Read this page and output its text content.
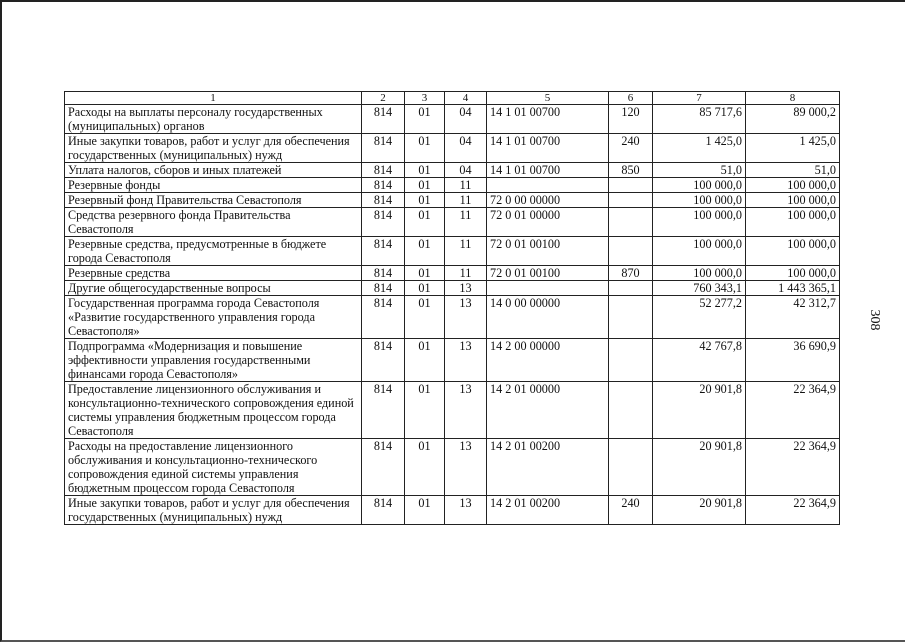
308
1	2	3	4	5	6	7	8
Расходы на выплаты персоналу государственных (муниципальных) органов	814	01	04	14 1 01 00700	120	85 717,6	89 000,2
Иные закупки товаров, работ и услуг для обеспечения государственных (муниципальных) нужд	814	01	04	14 1 01 00700	240	1 425,0	1 425,0
Уплата налогов, сборов и иных платежей	814	01	04	14 1 01 00700	850	51,0	51,0
Резервные фонды	814	01	11			100 000,0	100 000,0
Резервный фонд Правительства Севастополя	814	01	11	72 0 00 00000		100 000,0	100 000,0
Средства резервного фонда Правительства Севастополя	814	01	11	72 0 01 00000		100 000,0	100 000,0
Резервные средства, предусмотренные в бюджете города Севастополя	814	01	11	72 0 01 00100		100 000,0	100 000,0
Резервные средства	814	01	11	72 0 01 00100	870	100 000,0	100 000,0
Другие общегосударственные вопросы	814	01	13			760 343,1	1 443 365,1
Государственная программа города Севастополя «Развитие государственного управления города Севастополя»	814	01	13	14 0 00 00000		52 277,2	42 312,7
Подпрограмма «Модернизация и повышение эффективности управления государственными финансами города Севастополя»	814	01	13	14 2 00 00000		42 767,8	36 690,9
Предоставление лицензионного обслуживания и консультационно-технического сопровождения единой системы управления бюджетным процессом города Севастополя	814	01	13	14 2 01 00000		20 901,8	22 364,9
Расходы на предоставление лицензионного обслуживания и консультационно-технического сопровождения единой системы управления бюджетным процессом города Севастополя	814	01	13	14 2 01 00200		20 901,8	22 364,9
Иные закупки товаров, работ и услуг для обеспечения государственных (муниципальных) нужд	814	01	13	14 2 01 00200	240	20 901,8	22 364,9
